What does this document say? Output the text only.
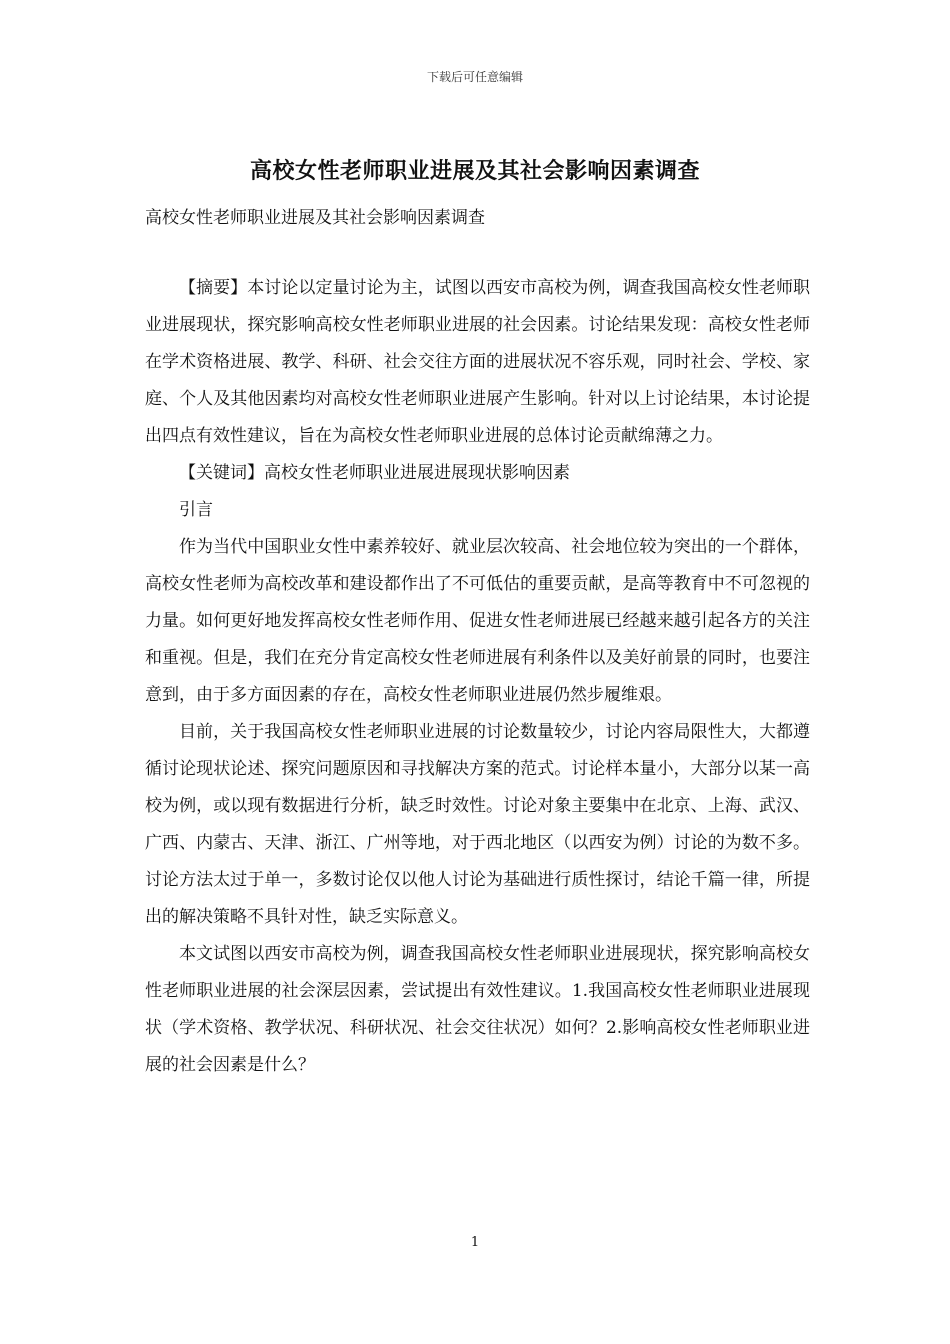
下载后可任意编辑
高校女性老师职业进展及其社会影响因素调查

高校女性老师职业进展及其社会影响因素调查

【摘要】本讨论以定量讨论为主，试图以西安市高校为例，调查我国高校女性老师职业进展现状，探究影响高校女性老师职业进展的社会因素。讨论结果发现：高校女性老师在学术资格进展、教学、科研、社会交往方面的进展状况不容乐观，同时社会、学校、家庭、个人及其他因素均对高校女性老师职业进展产生影响。针对以上讨论结果，本讨论提出四点有效性建议，旨在为高校女性老师职业进展的总体讨论贡献绵薄之力。

【关键词】高校女性老师职业进展进展现状影响因素

引言

作为当代中国职业女性中素养较好、就业层次较高、社会地位较为突出的一个群体，高校女性老师为高校改革和建设都作出了不可低估的重要贡献，是高等教育中不可忽视的力量。如何更好地发挥高校女性老师作用、促进女性老师进展已经越来越引起各方的关注和重视。但是，我们在充分肯定高校女性老师进展有利条件以及美好前景的同时，也要注意到，由于多方面因素的存在，高校女性老师职业进展仍然步履维艰。

目前，关于我国高校女性老师职业进展的讨论数量较少，讨论内容局限性大，大都遵循讨论现状论述、探究问题原因和寻找解决方案的范式。讨论样本量小，大部分以某一高校为例，或以现有数据进行分析，缺乏时效性。讨论对象主要集中在北京、上海、武汉、广西、内蒙古、天津、浙江、广州等地，对于西北地区（以西安为例）讨论的为数不多。讨论方法太过于单一，多数讨论仅以他人讨论为基础进行质性探讨，结论千篇一律，所提出的解决策略不具针对性，缺乏实际意义。

本文试图以西安市高校为例，调查我国高校女性老师职业进展现状，探究影响高校女性老师职业进展的社会深层因素，尝试提出有效性建议。1.我国高校女性老师职业进展现状（学术资格、教学状况、科研状况、社会交往状况）如何？2.影响高校女性老师职业进展的社会因素是什么？

1
